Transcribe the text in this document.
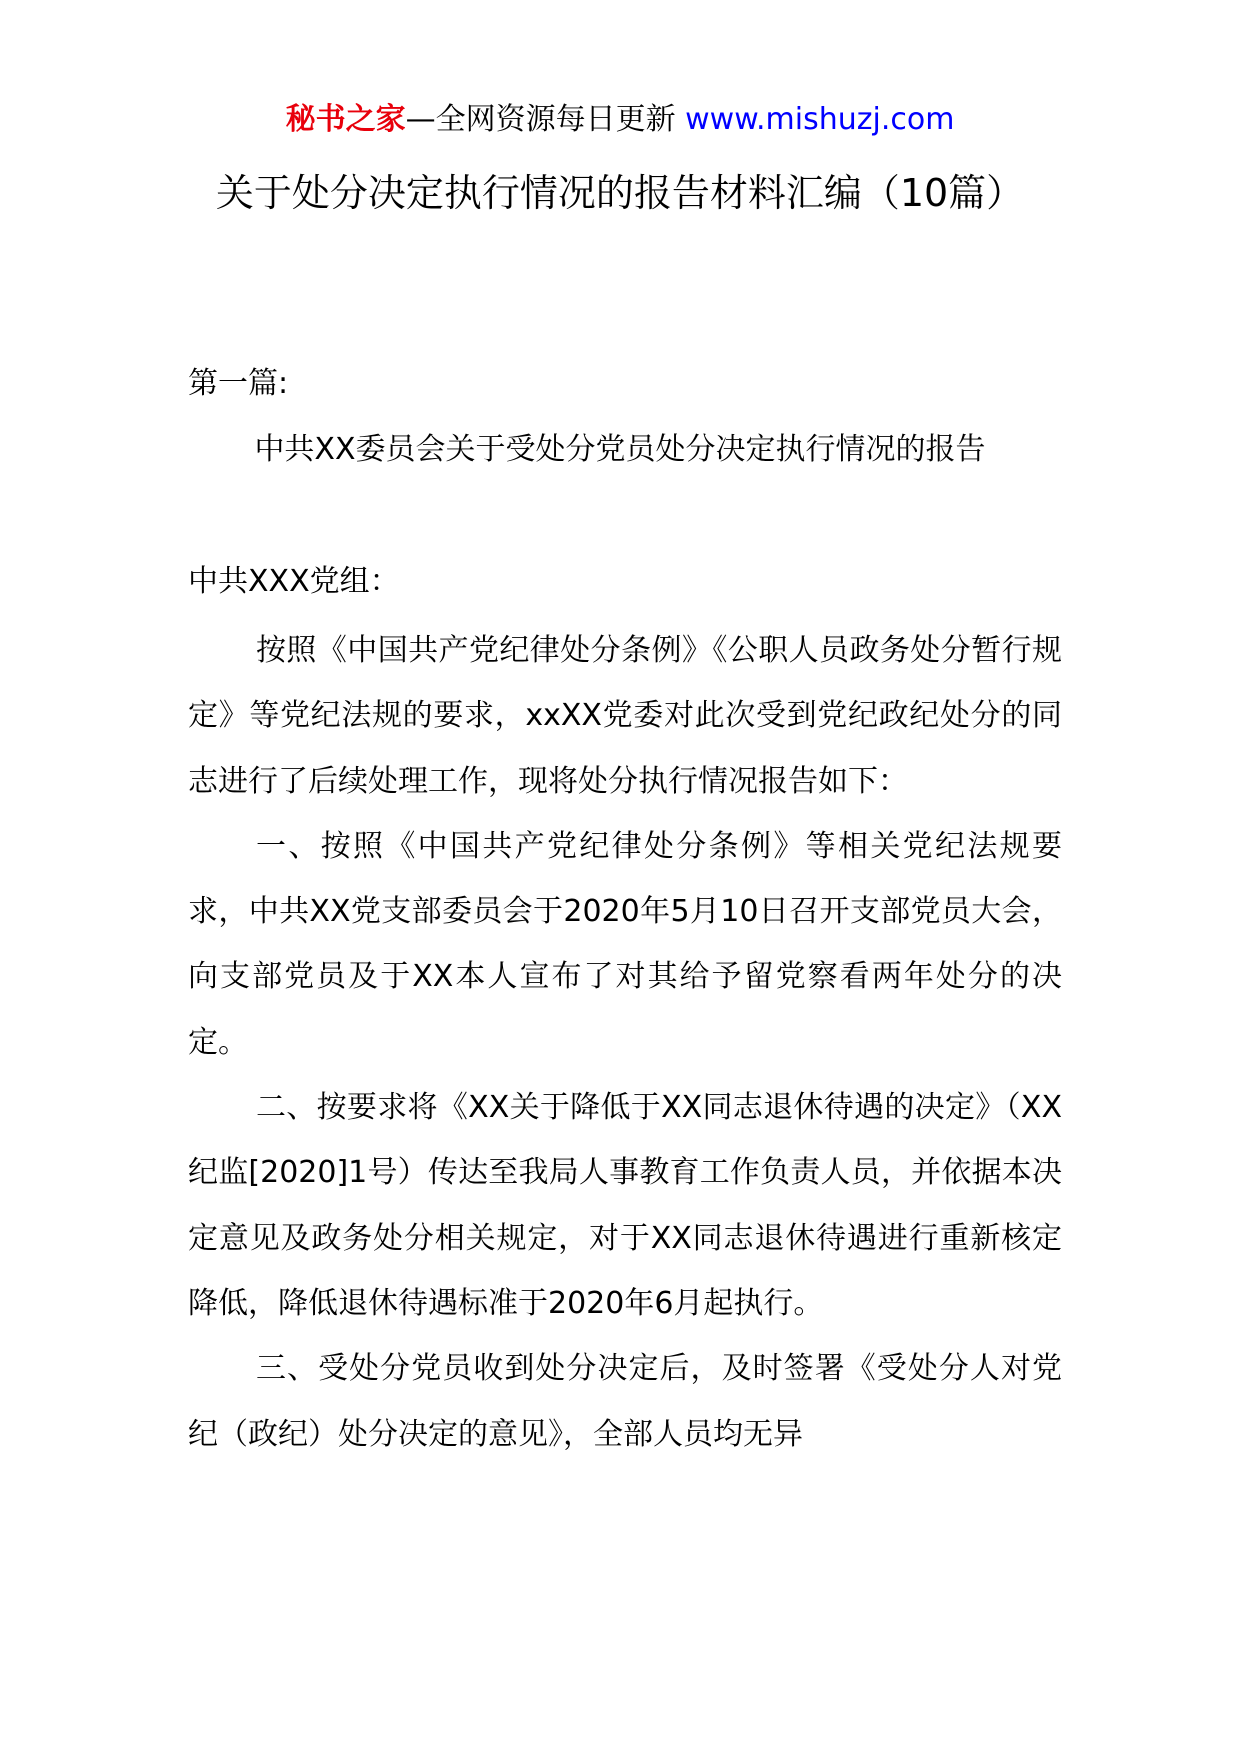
秘书之家—全网资源每日更新 www.mishuzj.com
关于处分决定执行情况的报告材料汇编（10篇）

第一篇:

中共XX委员会关于受处分党员处分决定执行情况的报告

中共XXX党组：

按照《中国共产党纪律处分条例》《公职人员政务处分暂行规定》等党纪法规的要求，xxXX党委对此次受到党纪政纪处分的同志进行了后续处理工作，现将处分执行情况报告如下：

一、按照《中国共产党纪律处分条例》等相关党纪法规要求，中共XX党支部委员会于2020年5月10日召开支部党员大会，向支部党员及于XX本人宣布了对其给予留党察看两年处分的决定。

二、按要求将《XX关于降低于XX同志退休待遇的决定》（XX纪监[2020]1号）传达至我局人事教育工作负责人员，并依据本决定意见及政务处分相关规定，对于XX同志退休待遇进行重新核定降低，降低退休待遇标准于2020年6月起执行。

三、受处分党员收到处分决定后，及时签署《受处分人对党纪（政纪）处分决定的意见》，全部人员均无异
